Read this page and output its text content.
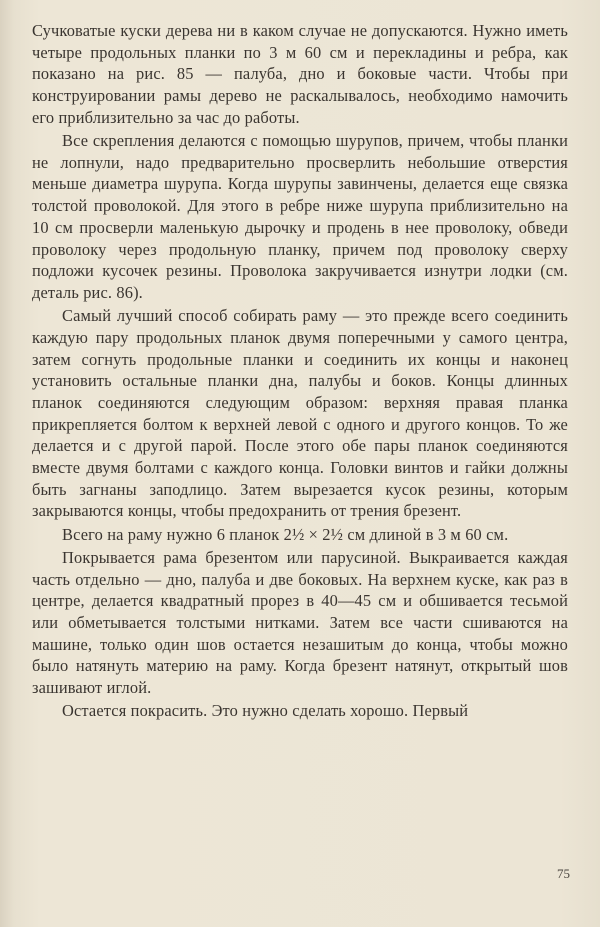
Сучковатые куски дерева ни в каком случае не допускаются. Нужно иметь четыре продольных планки по 3 м 60 см и перекладины и ребра, как показано на рис. 85 — палуба, дно и боковые части. Чтобы при конструировании рамы дерево не раскалывалось, необходимо намочить его приблизительно за час до работы.

Все скрепления делаются с помощью шурупов, причем, чтобы планки не лопнули, надо предварительно просверлить небольшие отверстия меньше диаметра шурупа. Когда шурупы завинчены, делается еще связка толстой проволокой. Для этого в ребре ниже шурупа приблизительно на 10 см просверли маленькую дырочку и продень в нее проволоку, обведи проволоку через продольную планку, причем под проволоку сверху подложи кусочек резины. Проволока закручивается изнутри лодки (см. деталь рис. 86).

Самый лучший способ собирать раму — это прежде всего соединить каждую пару продольных планок двумя поперечными у самого центра, затем согнуть продольные планки и соединить их концы и наконец установить остальные планки дна, палубы и боков. Концы длинных планок соединяются следующим образом: верхняя правая планка прикрепляется болтом к верхней левой с одного и другого концов. То же делается и с другой парой. После этого обе пары планок соединяются вместе двумя болтами с каждого конца. Головки винтов и гайки должны быть загнаны заподлицо. Затем вырезается кусок резины, которым закрываются концы, чтобы предохранить от трения брезент.

Всего на раму нужно 6 планок 2½ × 2½ см длиной в 3 м 60 см.

Покрывается рама брезентом или парусиной. Выкраивается каждая часть отдельно — дно, палуба и две боковых. На верхнем куске, как раз в центре, делается квадратный прорез в 40—45 см и обшивается тесьмой или обметывается толстыми нитками. Затем все части сшиваются на машине, только один шов остается незашитым до конца, чтобы можно было натянуть материю на раму. Когда брезент натянут, открытый шов зашивают иглой.

Остается покрасить. Это нужно сделать хорошо. Первый

75
